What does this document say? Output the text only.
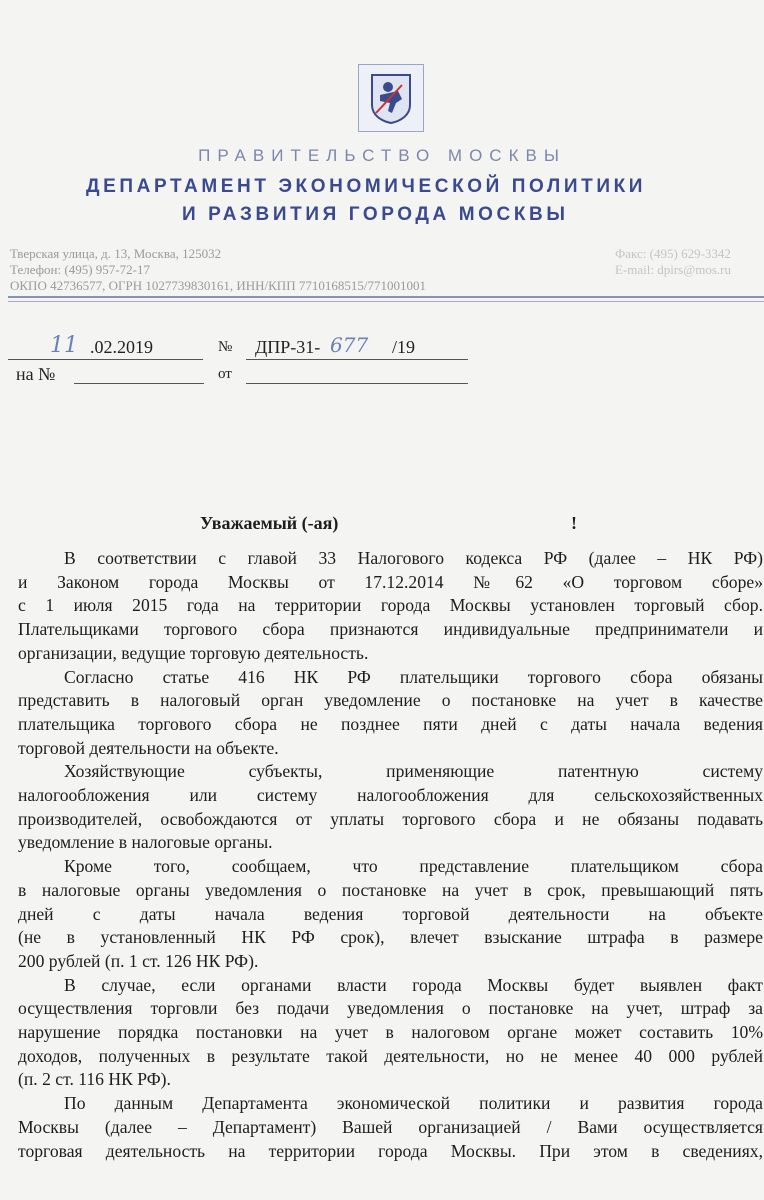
ПРАВИТЕЛЬСТВО МОСКВЫ
ДЕПАРТАМЕНТ ЭКОНОМИЧЕСКОЙ ПОЛИТИКИ
И РАЗВИТИЯ ГОРОДА МОСКВЫ
Тверская улица, д. 13, Москва, 125032
Телефон: (495) 957-72-17
ОКПО 42736577, ОГРН 1027739830161, ИНН/КПП 7710168515/771001001
Факс: (495) 629-3342
E-mail: dpirs@mos.ru
11 .02.2019	№ ДПР-31- 677 /19
на №	от
Уважаемый (-ая)	!
В соответствии с главой 33 Налогового кодекса РФ (далее – НК РФ)
и Законом города Москвы от 17.12.2014 №62 «О торговом сборе»
с 1 июля 2015 года на территории города Москвы установлен торговый сбор.
Плательщиками торгового сбора признаются индивидуальные предприниматели и
организации, ведущие торговую деятельность.
Согласно статье 416 НК РФ плательщики торгового сбора обязаны
представить в налоговый орган уведомление о постановке на учет в качестве
плательщика торгового сбора не позднее пяти дней с даты начала ведения
торговой деятельности на объекте.
Хозяйствующие субъекты, применяющие патентную систему
налогообложения или систему налогообложения для сельскохозяйственных
производителей, освобождаются от уплаты торгового сбора и не обязаны подавать
уведомление в налоговые органы.
Кроме того, сообщаем, что представление плательщиком сбора
в налоговые органы уведомления о постановке на учет в срок, превышающий пять
дней с даты начала ведения торговой деятельности на объекте
(не в установленный НК РФ срок), влечет взыскание штрафа в размере
200 рублей (п. 1 ст. 126 НК РФ).
В случае, если органами власти города Москвы будет выявлен факт
осуществления торговли без подачи уведомления о постановке на учет, штраф за
нарушение порядка постановки на учет в налоговом органе может составить 10%
доходов, полученных в результате такой деятельности, но не менее 40 000 рублей
(п. 2 ст. 116 НК РФ).
По данным Департамента экономической политики и развития города
Москвы (далее – Департамент) Вашей организацией / Вами осуществляется
торговая деятельность на территории города Москвы. При этом в сведениях,
